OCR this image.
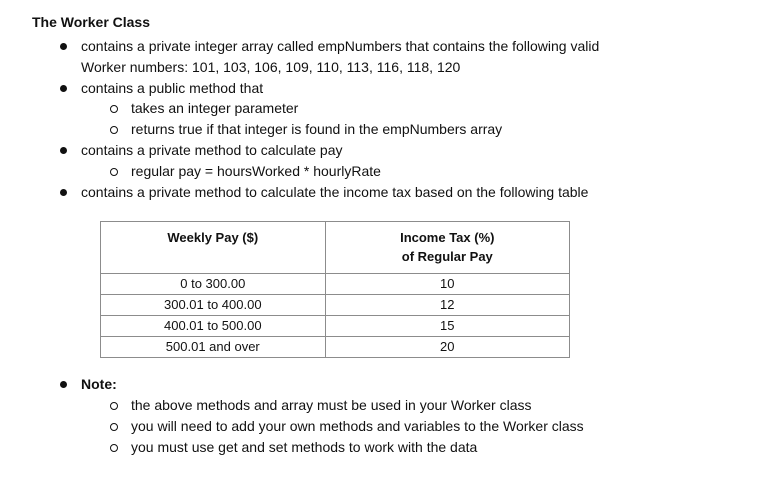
The Worker Class
contains a private integer array called empNumbers that contains the following valid
Worker numbers: 101, 103, 106, 109, 110, 113, 116, 118, 120
contains a public method that
takes an integer parameter
returns true if that integer is found in the empNumbers array
contains a private method to calculate pay
regular pay = hoursWorked * hourlyRate
contains a private method to calculate the income tax based on the following table
Weekly Pay ($)	Income Tax (%)
of Regular Pay
0 to 300.00	10
300.01 to 400.00	12
400.01 to 500.00	15
500.01 and over	20
Note:
the above methods and array must be used in your Worker class
you will need to add your own methods and variables to the Worker class
you must use get and set methods to work with the data
